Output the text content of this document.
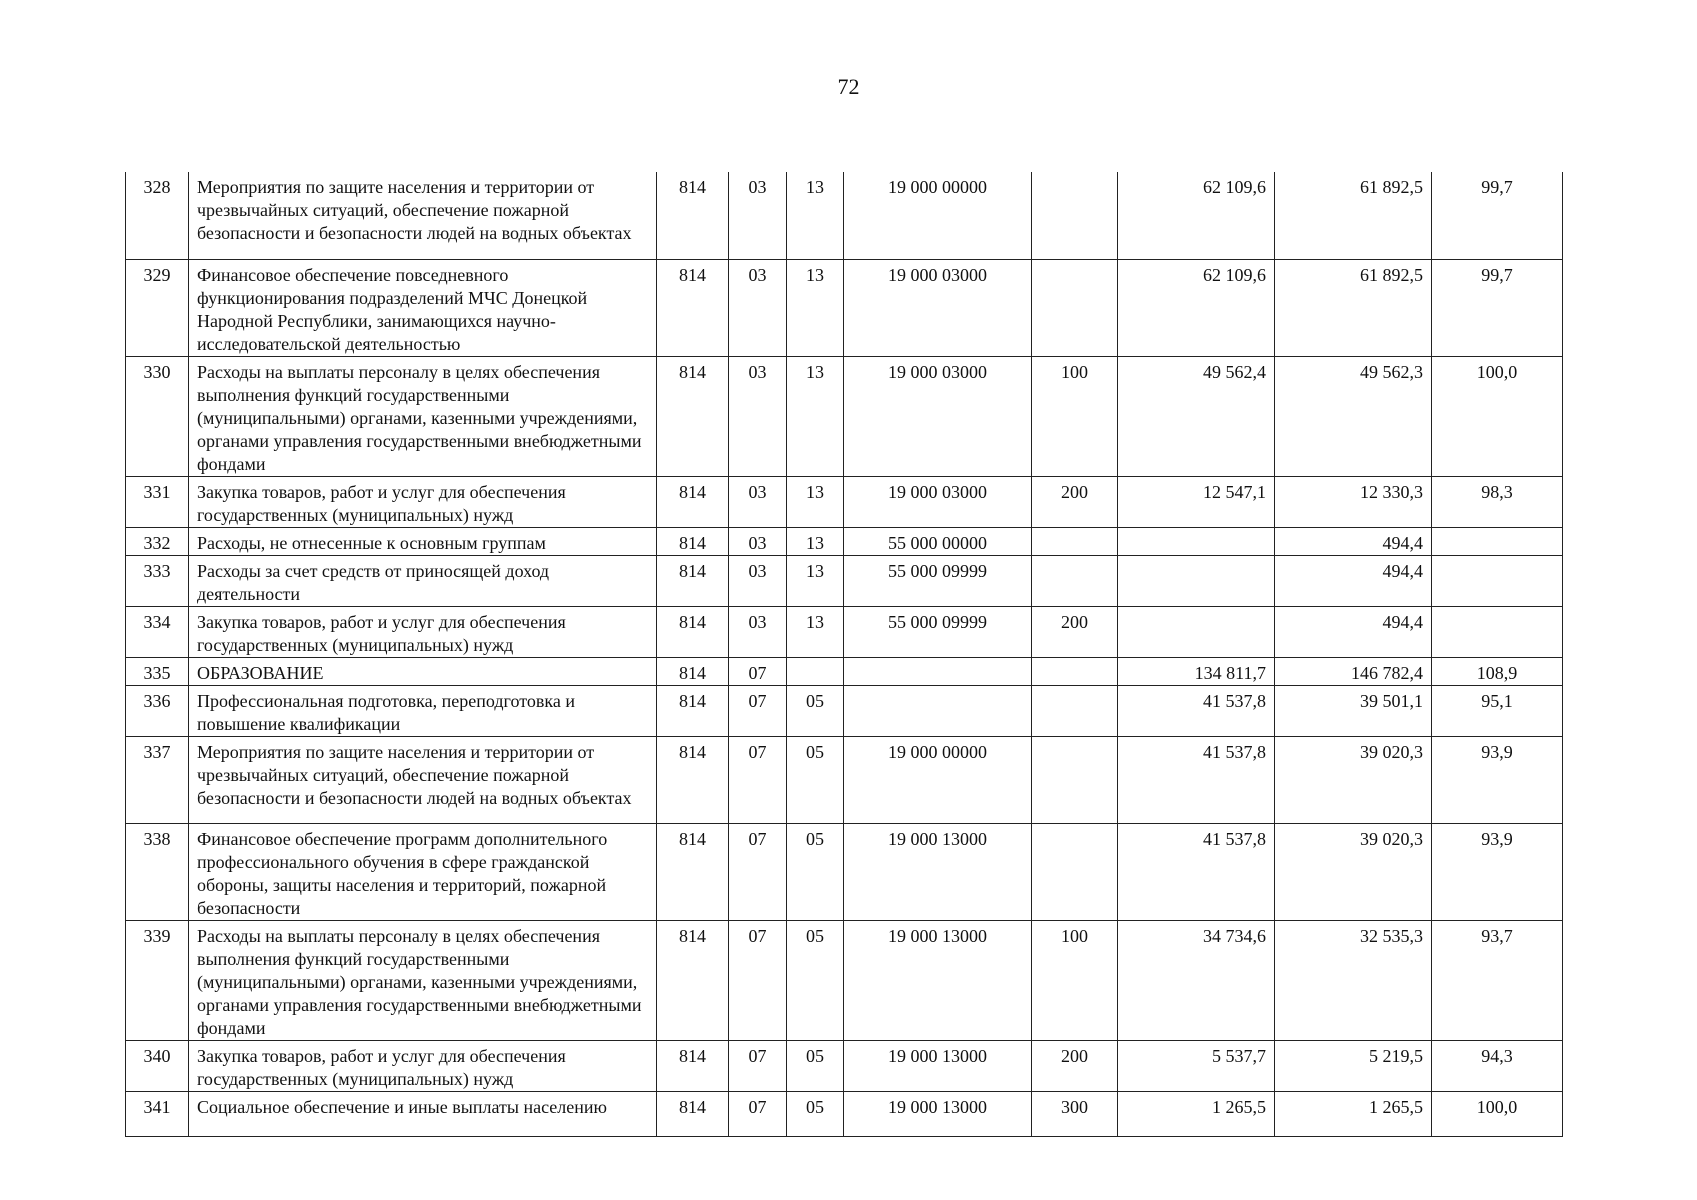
72
328	Мероприятия по защите населения и территории от чрезвычайных ситуаций, обеспечение пожарной безопасности и безопасности людей на водных объектах	814	03	13	19 000 00000		62 109,6	61 892,5	99,7
329	Финансовое обеспечение повседневного функционирования подразделений МЧС Донецкой Народной Республики, занимающихся научно-исследовательской деятельностью	814	03	13	19 000 03000		62 109,6	61 892,5	99,7
330	Расходы на выплаты персоналу в целях обеспечения выполнения функций государственными (муниципальными) органами, казенными учреждениями, органами управления государственными внебюджетными фондами	814	03	13	19 000 03000	100	49 562,4	49 562,3	100,0
331	Закупка товаров, работ и услуг для обеспечения государственных (муниципальных) нужд	814	03	13	19 000 03000	200	12 547,1	12 330,3	98,3
332	Расходы, не отнесенные к основным группам	814	03	13	55 000 00000			494,4	
333	Расходы за счет средств от приносящей доход деятельности	814	03	13	55 000 09999			494,4	
334	Закупка товаров, работ и услуг для обеспечения государственных (муниципальных) нужд	814	03	13	55 000 09999	200		494,4	
335	ОБРАЗОВАНИЕ	814	07				134 811,7	146 782,4	108,9
336	Профессиональная подготовка, переподготовка и повышение квалификации	814	07	05			41 537,8	39 501,1	95,1
337	Мероприятия по защите населения и территории от чрезвычайных ситуаций, обеспечение пожарной безопасности и безопасности людей на водных объектах	814	07	05	19 000 00000		41 537,8	39 020,3	93,9
338	Финансовое обеспечение программ дополнительного профессионального обучения в сфере гражданской обороны, защиты населения и территорий, пожарной безопасности	814	07	05	19 000 13000		41 537,8	39 020,3	93,9
339	Расходы на выплаты персоналу в целях обеспечения выполнения функций государственными (муниципальными) органами, казенными учреждениями, органами управления государственными внебюджетными фондами	814	07	05	19 000 13000	100	34 734,6	32 535,3	93,7
340	Закупка товаров, работ и услуг для обеспечения государственных (муниципальных) нужд	814	07	05	19 000 13000	200	5 537,7	5 219,5	94,3
341	Социальное обеспечение и иные выплаты населению	814	07	05	19 000 13000	300	1 265,5	1 265,5	100,0
